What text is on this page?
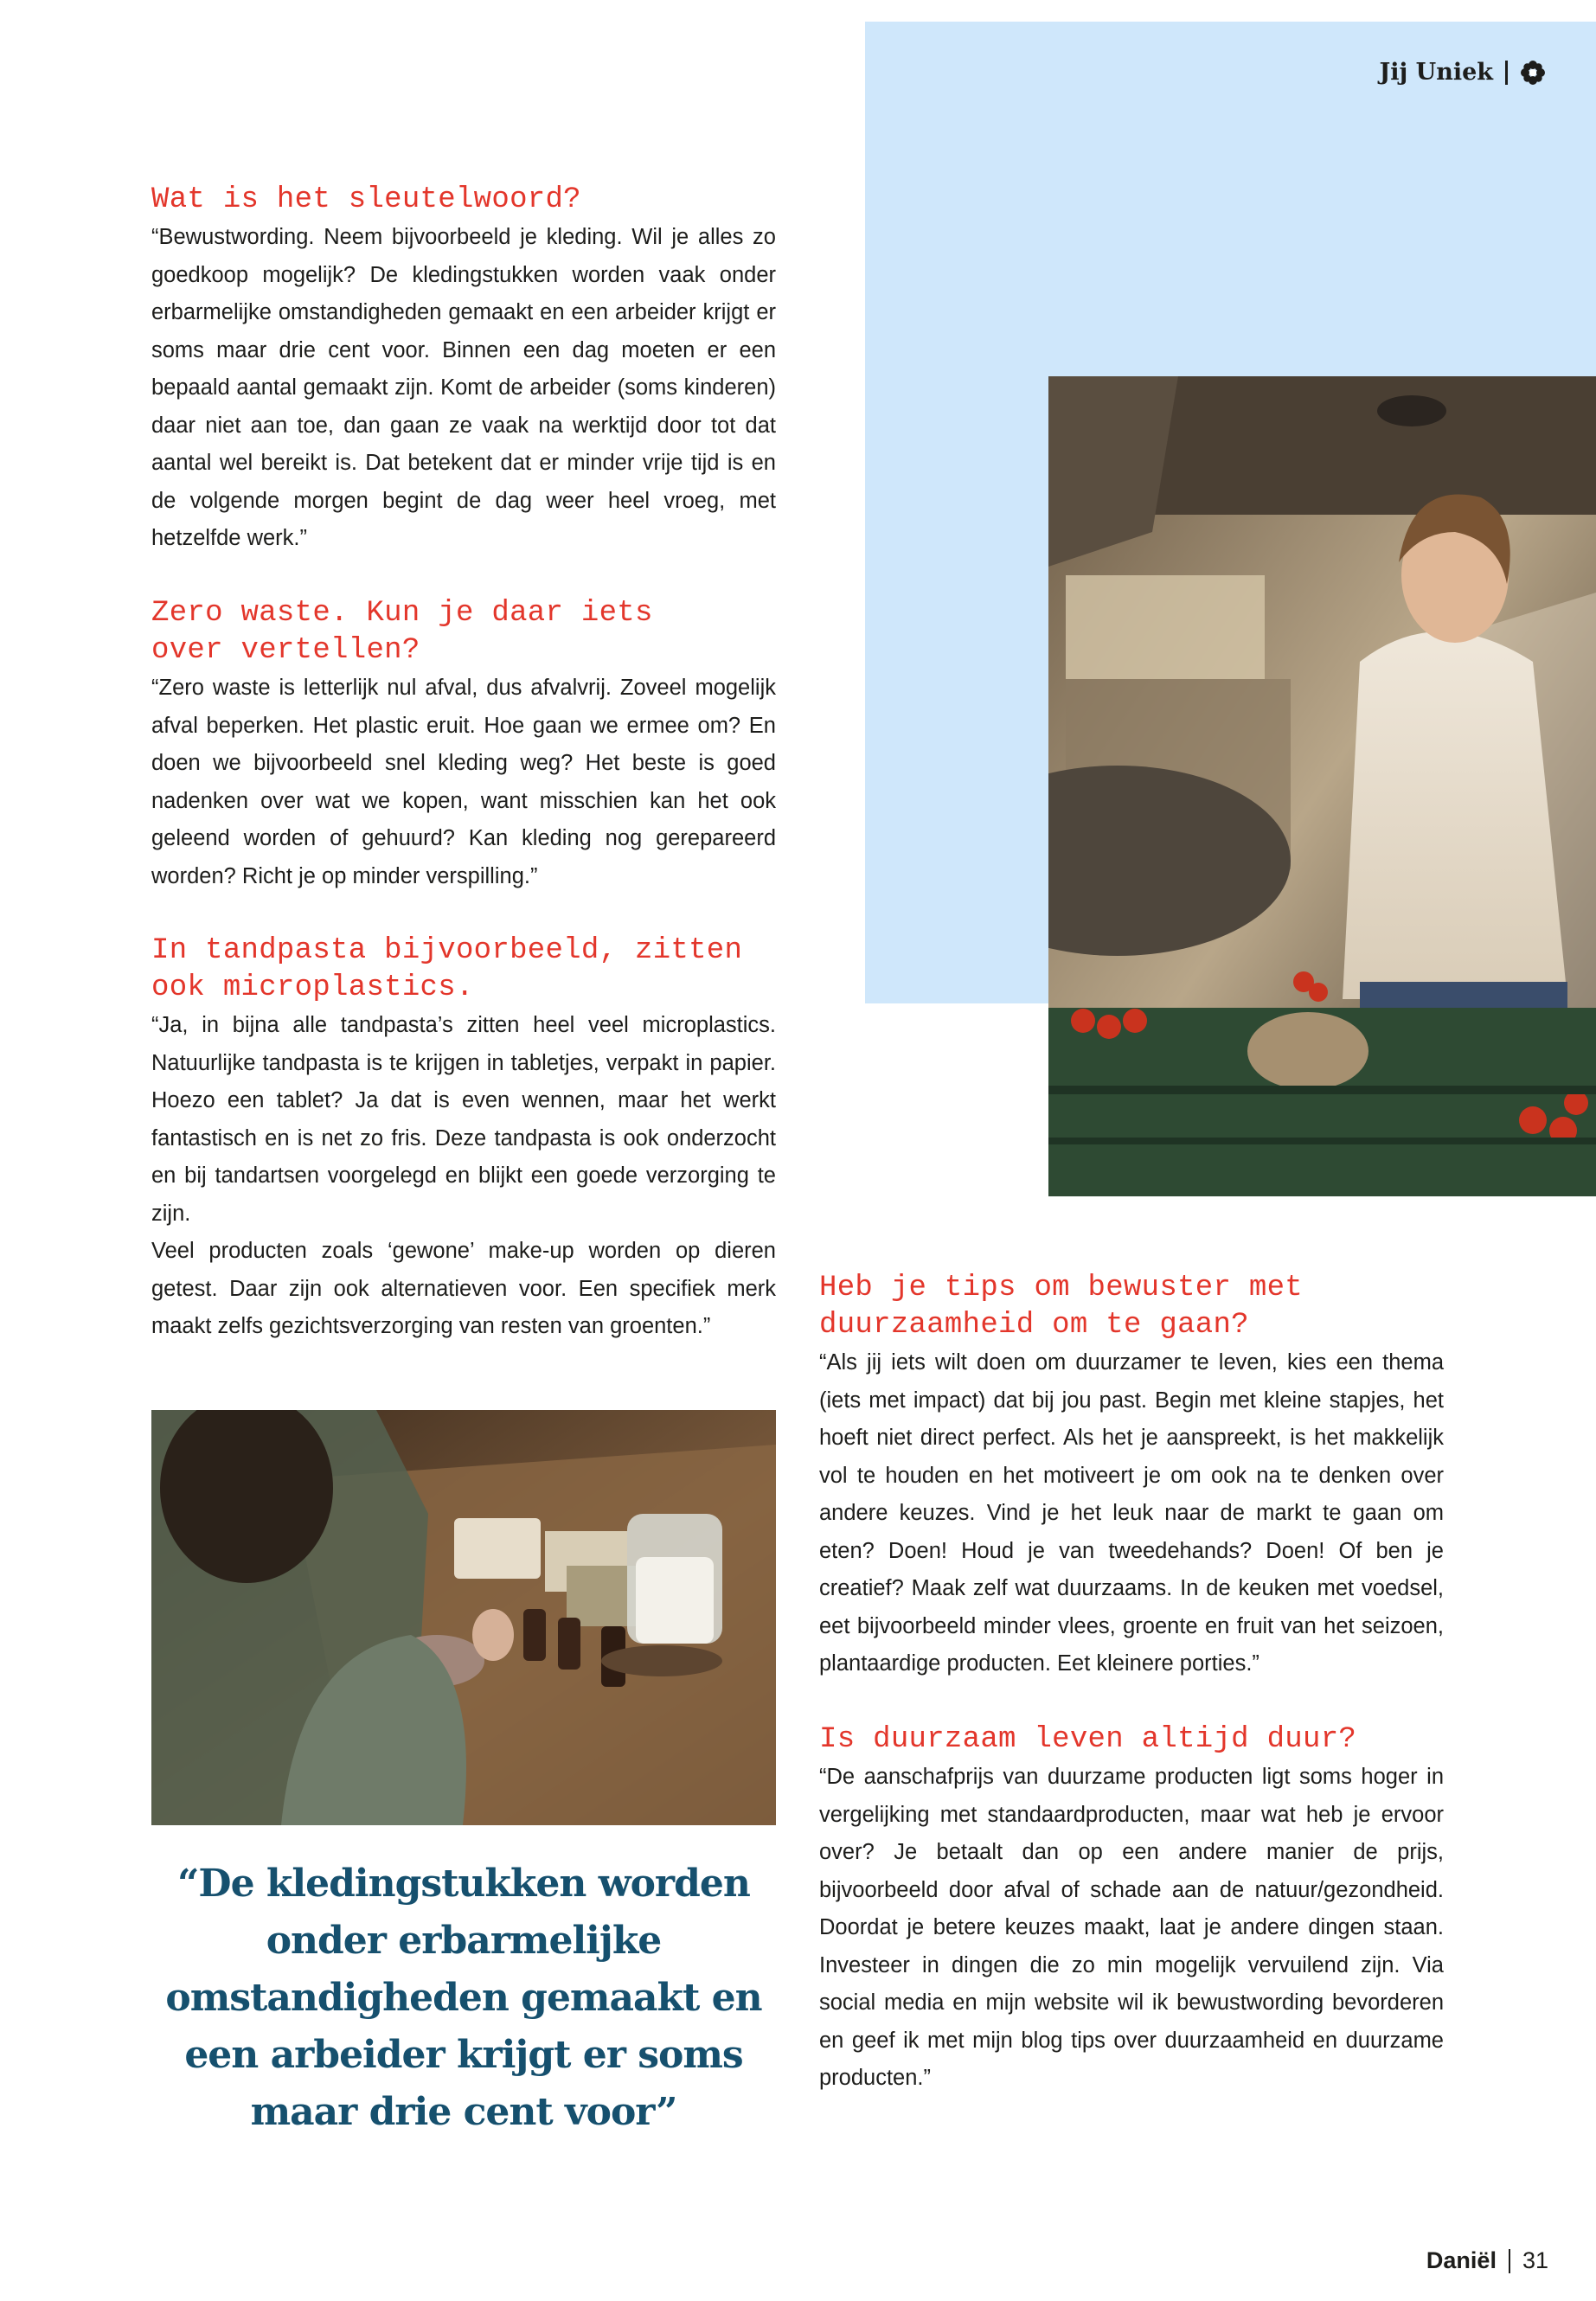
Jij Uniek
Wat is het sleutelwoord?

“Bewustwording. Neem bijvoorbeeld je kleding. Wil je alles zo goedkoop mogelijk? De kledingstukken worden vaak onder erbarmelijke omstandigheden gemaakt en een arbeider krijgt er soms maar drie cent voor. Binnen een dag moeten er een bepaald aantal gemaakt zijn. Komt de arbeider (soms kinderen) daar niet aan toe, dan gaan ze vaak na werktijd door tot dat aantal wel bereikt is. Dat betekent dat er minder vrije tijd is en de volgende morgen begint de dag weer heel vroeg, met hetzelfde werk.”

Zero waste. Kun je daar iets over vertellen?

“Zero waste is letterlijk nul afval, dus afvalvrij. Zoveel mogelijk afval beperken. Het plastic eruit. Hoe gaan we ermee om? En doen we bijvoorbeeld snel kleding weg? Het beste is goed nadenken over wat we kopen, want misschien kan het ook geleend worden of gehuurd? Kan kleding nog gerepareerd worden? Richt je op minder verspilling.”

In tandpasta bijvoorbeeld, zitten ook microplastics.

“Ja, in bijna alle tandpasta’s zitten heel veel microplastics. Natuurlijke tandpasta is te krijgen in tabletjes, verpakt in papier. Hoezo een tablet? Ja dat is even wennen, maar het werkt fantastisch en is net zo fris. Deze tandpasta is ook onderzocht en bij tandartsen voorgelegd en blijkt een goede verzorging te zijn.

Veel producten zoals ‘gewone’ make-up worden op dieren getest. Daar zijn ook alternatieven voor. Een specifiek merk maakt zelfs gezichtsverzorging van resten van groenten.”

“De kledingstukken worden onder erbarmelijke omstandigheden gemaakt en een arbeider krijgt er soms maar drie cent voor”

Heb je tips om bewuster met duurzaamheid om te gaan?

“Als jij iets wilt doen om duurzamer te leven, kies een thema (iets met impact) dat bij jou past. Begin met kleine stapjes, het hoeft niet direct perfect. Als het je aanspreekt, is het makkelijk vol te houden en het motiveert je om ook na te denken over andere keuzes. Vind je het leuk naar de markt te gaan om eten? Doen! Houd je van tweedehands? Doen! Of ben je creatief? Maak zelf wat duurzaams. In de keuken met voedsel, eet bijvoorbeeld minder vlees, groente en fruit van het seizoen, plantaardige producten. Eet kleinere porties.”

Is duurzaam leven altijd duur?

“De aanschafprijs van duurzame producten ligt soms hoger in vergelijking met standaardproducten, maar wat heb je ervoor over? Je betaalt dan op een andere manier de prijs, bijvoorbeeld door afval of schade aan de natuur/gezondheid. Doordat je betere keuzes maakt, laat je andere dingen staan. Investeer in dingen die zo min mogelijk vervuilend zijn. Via social media en mijn website wil ik bewustwording bevorderen en geef ik met mijn blog tips over duurzaamheid en duurzame producten.”

Daniël 31
